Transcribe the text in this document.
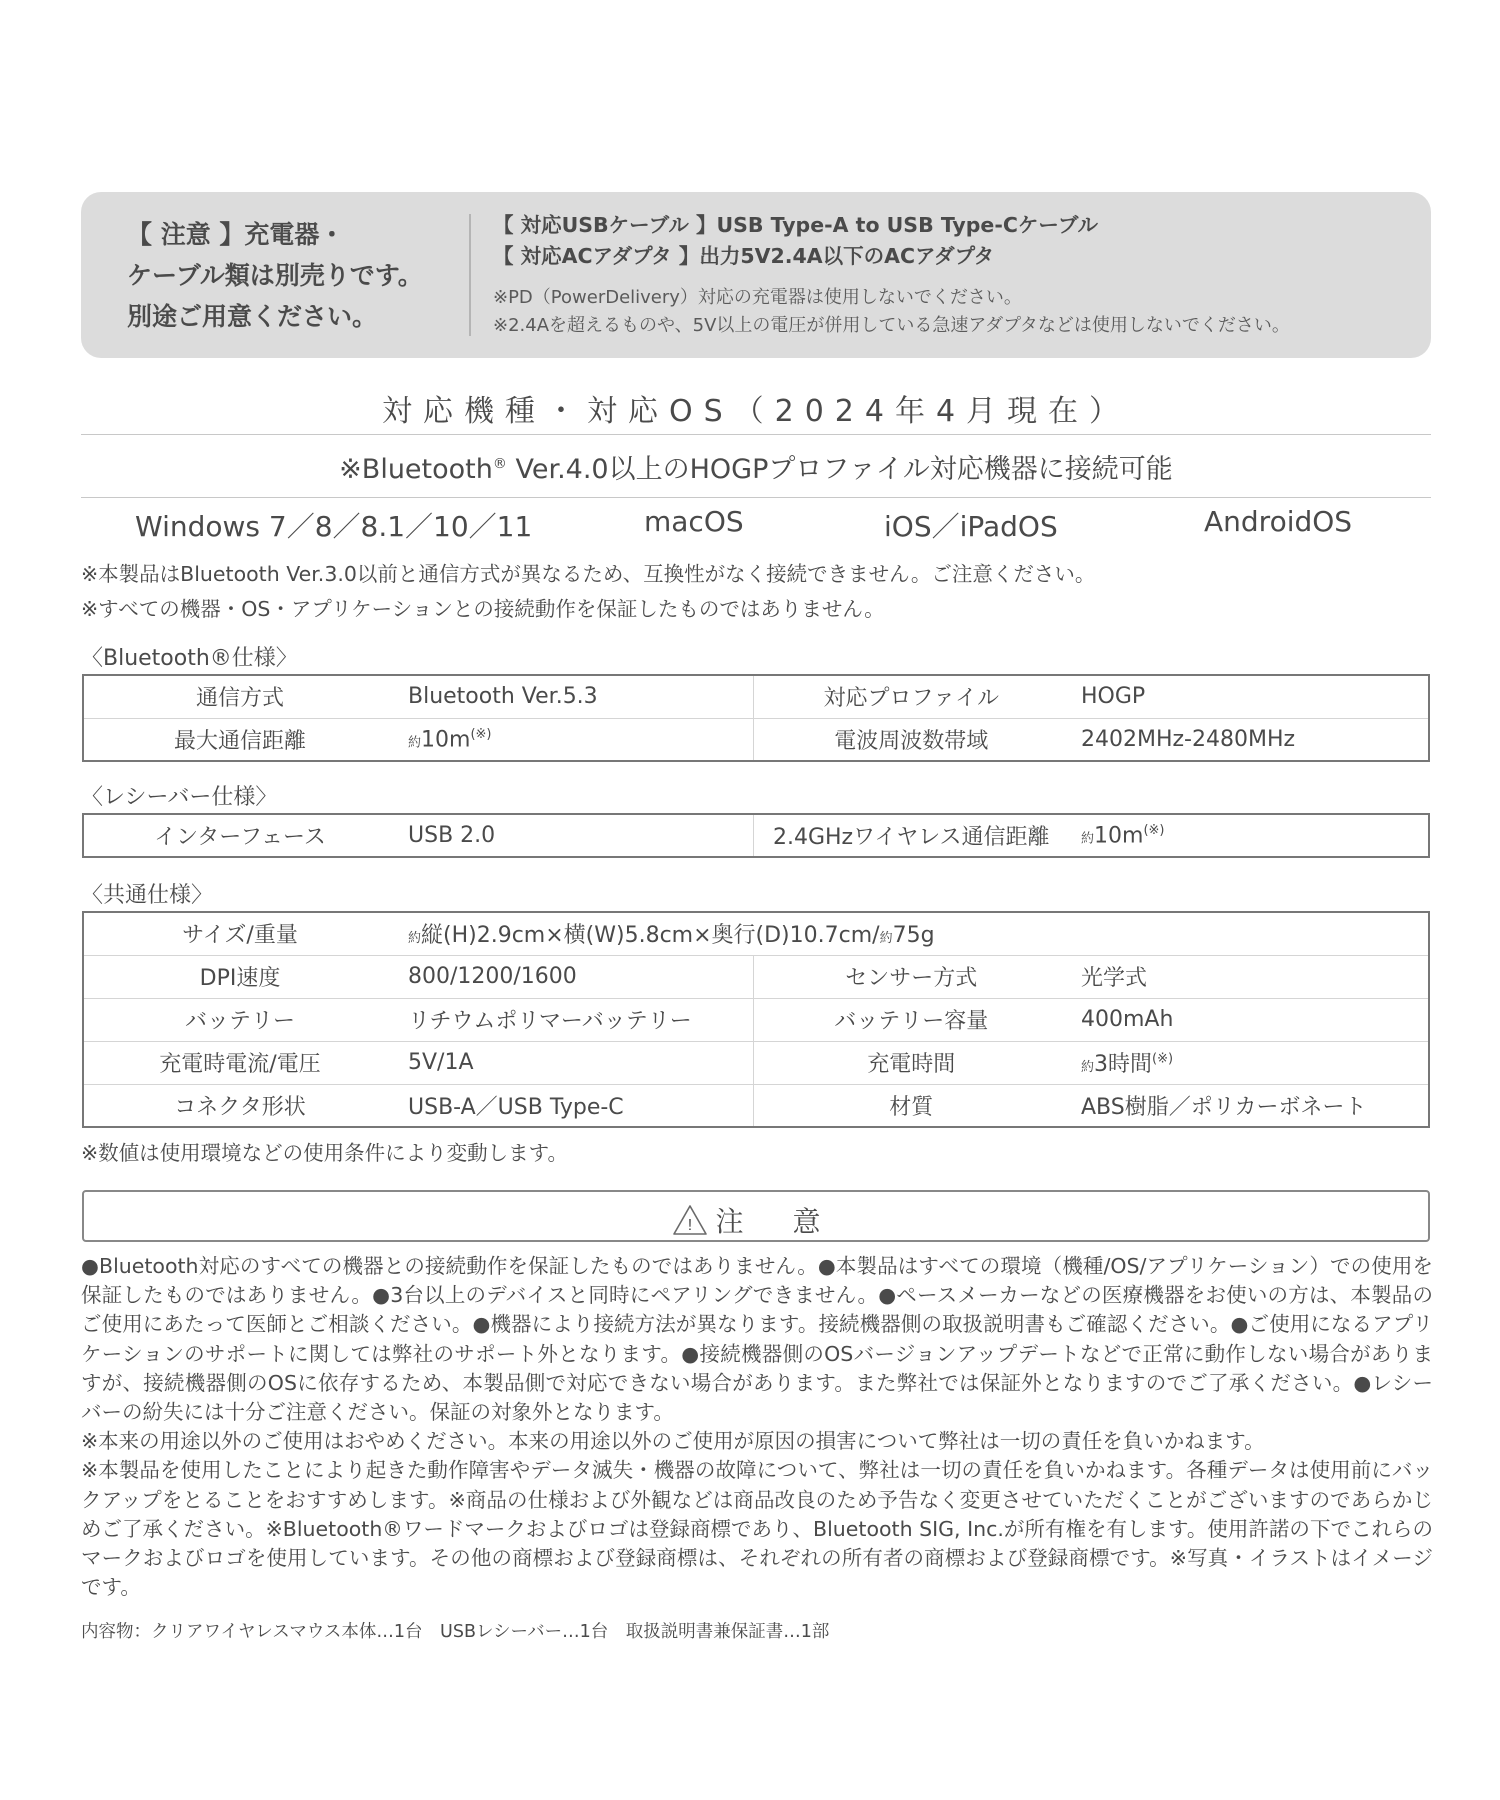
【 注意 】充電器・
ケーブル類は別売りです。
別途ご用意ください。
【 対応USBケーブル 】USB Type-A to USB Type-Cケーブル
【 対応ACアダプタ 】出力5V2.4A以下のACアダプタ
※PD（PowerDelivery）対応の充電器は使用しないでください。
※2.4Aを超えるものや、5V以上の電圧が併用している急速アダプタなどは使用しないでください。
対応機種・対応OS（2024年4月現在）
※Bluetooth® Ver.4.0以上のHOGPプロファイル対応機器に接続可能
Windows 7／8／8.1／10／11	macOS	iOS／iPadOS	AndroidOS
※本製品はBluetooth Ver.3.0以前と通信方式が異なるため、互換性がなく接続できません。ご注意ください。
※すべての機器・OS・アプリケーションとの接続動作を保証したものではありません。
〈Bluetooth®仕様〉
通信方式	Bluetooth Ver.5.3	対応プロファイル	HOGP
最大通信距離	約10m(※)	電波周波数帯域	2402MHz-2480MHz
〈レシーバー仕様〉
インターフェース	USB 2.0	2.4GHzワイヤレス通信距離	約10m(※)
〈共通仕様〉
サイズ/重量	約縦(H)2.9cm×横(W)5.8cm×奥行(D)10.7cm/約75g		
DPI速度	800/1200/1600	センサー方式	光学式
バッテリー	リチウムポリマーバッテリー	バッテリー容量	400mAh
充電時電流/電圧	5V/1A	充電時間	約3時間(※)
コネクタ形状	USB-A／USB Type-C	材質	ABS樹脂／ポリカーボネート
※数値は使用環境などの使用条件により変動します。
! 注 意

●Bluetooth対応のすべての機器との接続動作を保証したものではありません。●本製品はすべての環境（機種/OS/アプリケーション）での使用を保証したものではありません。●3台以上のデバイスと同時にペアリングできません。●ペースメーカーなどの医療機器をお使いの方は、本製品のご使用にあたって医師とご相談ください。●機器により接続方法が異なります。接続機器側の取扱説明書もご確認ください。●ご使用になるアプリケーションのサポートに関しては弊社のサポート外となります。●接続機器側のOSバージョンアップデートなどで正常に動作しない場合がありますが、接続機器側のOSに依存するため、本製品側で対応できない場合があります。また弊社では保証外となりますのでご了承ください。●レシーバーの紛失には十分ご注意ください。保証の対象外となります。

※本来の用途以外のご使用はおやめください。本来の用途以外のご使用が原因の損害について弊社は一切の責任を負いかねます。

※本製品を使用したことにより起きた動作障害やデータ滅失・機器の故障について、弊社は一切の責任を負いかねます。各種データは使用前にバックアップをとることをおすすめします。※商品の仕様および外観などは商品改良のため予告なく変更させていただくことがございますのであらかじめご了承ください。※Bluetooth®ワードマークおよびロゴは登録商標であり、Bluetooth SIG, Inc.が所有権を有します。使用許諾の下でこれらのマークおよびロゴを使用しています。その他の商標および登録商標は、それぞれの所有者の商標および登録商標です。※写真・イラストはイメージです。

内容物：クリアワイヤレスマウス本体…1台　USBレシーバー…1台　取扱説明書兼保証書…1部
